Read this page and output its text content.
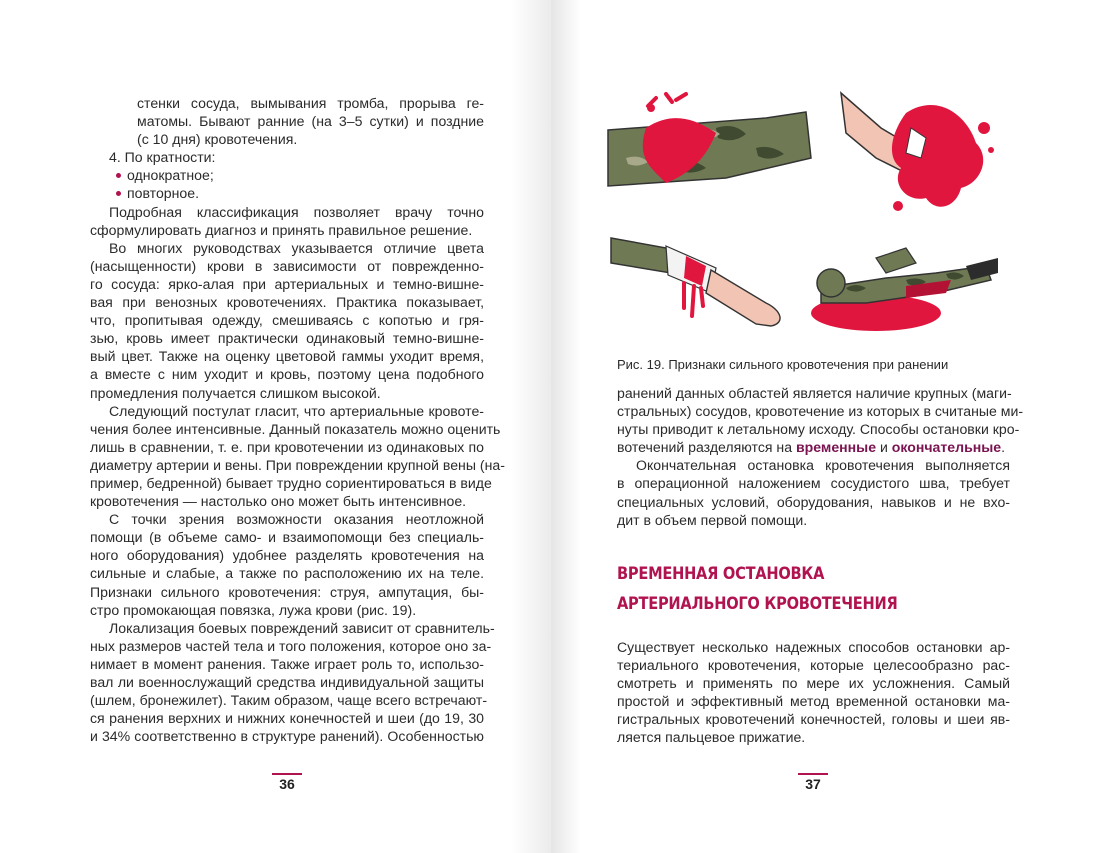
стенки сосуда, вымывания тромба, прорыва ге-
матомы. Бывают ранние (на 3–5 сутки) и поздние
(с 10 дня) кровотечения.
4. По кратности:
однократное;
повторное.
Подробная классификация позволяет врачу точно
сформулировать диагноз и принять правильное решение.
Во многих руководствах указывается отличие цвета
(насыщенности) крови в зависимости от поврежденно-
го сосуда: ярко-алая при артериальных и темно-вишне-
вая при венозных кровотечениях. Практика показывает,
что, пропитывая одежду, смешиваясь с копотью и гря-
зью, кровь имеет практически одинаковый темно-вишне-
вый цвет. Также на оценку цветовой гаммы уходит время,
а вместе с ним уходит и кровь, поэтому цена подобного
промедления получается слишком высокой.
Следующий постулат гласит, что артериальные кровоте-
чения более интенсивные. Данный показатель можно оценить
лишь в сравнении, т. е. при кровотечении из одинаковых по
диаметру артерии и вены. При повреждении крупной вены (на-
пример, бедренной) бывает трудно сориентироваться в виде
кровотечения — настолько оно может быть интенсивное.
С точки зрения возможности оказания неотложной
помощи (в объеме само- и взаимопомощи без специаль-
ного оборудования) удобнее разделять кровотечения на
сильные и слабые, а также по расположению их на теле.
Признаки сильного кровотечения: струя, ампутация, бы-
стро промокающая повязка, лужа крови (рис. 19).
Локализация боевых повреждений зависит от сравнитель-
ных размеров частей тела и того положения, которое оно за-
нимает в момент ранения. Также играет роль то, использо-
вал ли военнослужащий средства индивидуальной защиты
(шлем, бронежилет). Таким образом, чаще всего встречают-
ся ранения верхних и нижних конечностей и шеи (до 19, 30
и 34% соответственно в структуре ранений). Особенностью
36
Рис. 19. Признаки сильного кровотечения при ранении
ранений данных областей является наличие крупных (маги-
стральных) сосудов, кровотечение из которых в считаные ми-
нуты приводит к летальному исходу. Способы остановки кро-
вотечений разделяются на временные и окончательные.
Окончательная остановка кровотечения выполняется
в операционной наложением сосудистого шва, требует
специальных условий, оборудования, навыков и не вхо-
дит в объем первой помощи.
ВРЕМЕННАЯ ОСТАНОВКА
АРТЕРИАЛЬНОГО КРОВОТЕЧЕНИЯ
Существует несколько надежных способов остановки ар-
териального кровотечения, которые целесообразно рас-
смотреть и применять по мере их усложнения. Самый
простой и эффективный метод временной остановки ма-
гистральных кровотечений конечностей, головы и шеи яв-
ляется пальцевое прижатие.
37
